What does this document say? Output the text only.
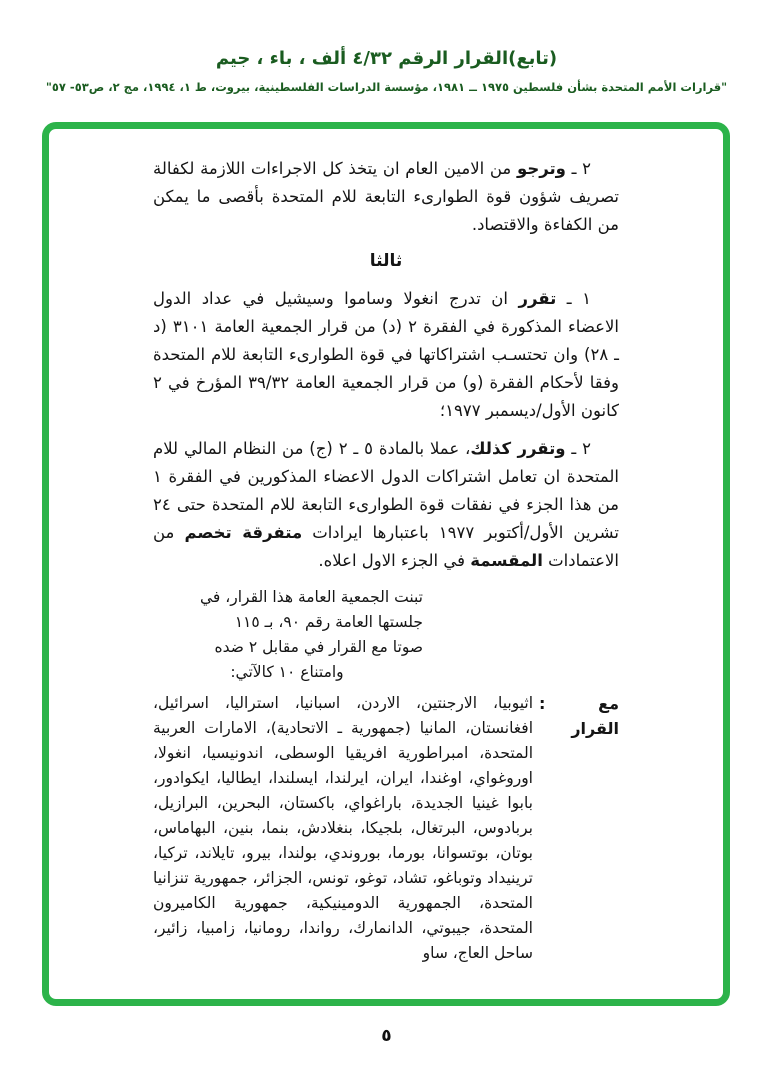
(تابع)القرار الرقم ٤/٣٢ ألف ، باء ، جيم
"قرارات الأمم المتحدة بشأن فلسطين ١٩٧٥ ــ ١٩٨١، مؤسسة الدراسات الفلسطينية، بيروت، ط ١، ١٩٩٤، مج ٢، ص٥٣- ٥٧"

٢ ـ وترجو من الامين العام ان يتخذ كل الاجراءات اللازمة لكفالة تصريف شؤون قوة الطوارىء التابعة للام المتحدة بأقصى ما يمكن من الكفاءة والاقتصاد.

ثالثا

١ ـ تقرر ان تدرج انغولا وساموا وسيشيل في عداد الدول الاعضاء المذكورة في الفقرة ٢ (د) من قرار الجمعية العامة ٣١٠١ (د ـ ٢٨) وان تحتسـب اشتراكاتها في قوة الطوارىء التابعة للام المتحدة وفقا لأحكام الفقرة (و) من قرار الجمعية العامة ٣٩/٣٢ المؤرخ في ٢ كانون الأول/ديسمبر ١٩٧٧؛

٢ ـ وتقرر كذلك، عملا بالمادة ٥ ـ ٢ (ج) من النظام المالي للام المتحدة ان تعامل اشتراكات الدول الاعضاء المذكورين في الفقرة ١ من هذا الجزء في نفقات قوة الطوارىء التابعة للام المتحدة حتى ٢٤ تشرين الأول/أكتوبر ١٩٧٧ باعتبارها ايرادات متفرقة تخصم من الاعتمادات المقسمة في الجزء الاول اعلاه.

تبنت الجمعية العامة هذا القرار، في
جلستها العامة رقم ٩٠، بـ ١١٥
صوتا مع القرار في مقابل ٢ ضده
وامتناع ١٠ كالآتي:
مع القرار
:
اثيوبيا، الارجنتين، الاردن، اسبانيا، استراليا، اسرائيل، افغانستان، المانيا (جمهورية ـ الاتحادية)، الامارات العربية المتحدة، امبراطورية افريقيا الوسطى، اندونيسيا، انغولا، اوروغواي، اوغندا، ايران، ايرلندا، ايسلندا، ايطاليا، ايكوادور، بابوا غينيا الجديدة، باراغواي، باكستان، البحرين، البرازيل، بربادوس، البرتغال، بلجيكا، بنغلادش، بنما، بنين، البهاماس، بوتان، بوتسوانا، بورما، بوروندي، بولندا، بيرو، تايلاند، تركيا، ترينيداد وتوباغو، تشاد، توغو، تونس، الجزائر، جمهورية تنزانيا المتحدة، الجمهورية الدومينيكية، جمهورية الكاميرون المتحدة، جيبوتي، الدانمارك، رواندا، رومانيا، زامبيا، زائير، ساحل العاج، ساو
٥
